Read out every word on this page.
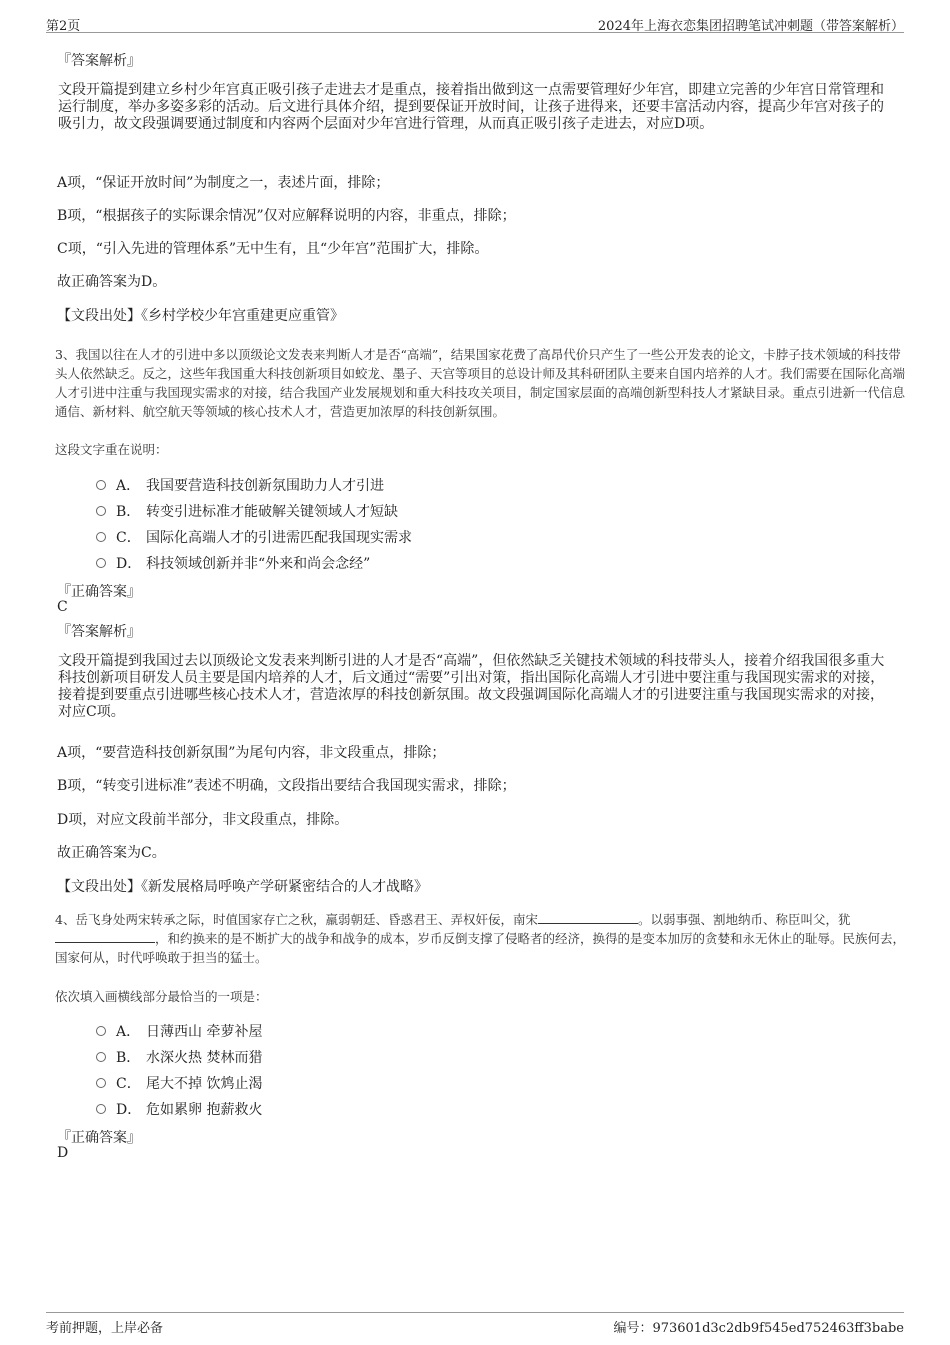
第2页	2024年上海衣恋集团招聘笔试冲刺题（带答案解析）
『答案解析』
文段开篇提到建立乡村少年宫真正吸引孩子走进去才是重点，接着指出做到这一点需要管理好少年宫，即建立完善的少年宫日常管理和运行制度，举办多姿多彩的活动。后文进行具体介绍，提到要保证开放时间，让孩子进得来，还要丰富活动内容，提高少年宫对孩子的吸引力，故文段强调要通过制度和内容两个层面对少年宫进行管理，从而真正吸引孩子走进去，对应D项。
A项，“保证开放时间”为制度之一，表述片面，排除；
B项，“根据孩子的实际课余情况”仅对应解释说明的内容，非重点，排除；
C项，“引入先进的管理体系”无中生有，且“少年宫”范围扩大，排除。
故正确答案为D。
【文段出处】《乡村学校少年宫重建更应重管》
3、我国以往在人才的引进中多以顶级论文发表来判断人才是否“高端”，结果国家花费了高昂代价只产生了一些公开发表的论文，卡脖子技术领域的科技带头人依然缺乏。反之，这些年我国重大科技创新项目如蛟龙、墨子、天宫等项目的总设计师及其科研团队主要来自国内培养的人才。我们需要在国际化高端人才引进中注重与我国现实需求的对接，结合我国产业发展规划和重大科技攻关项目，制定国家层面的高端创新型科技人才紧缺目录。重点引进新一代信息通信、新材料、航空航天等领域的核心技术人才，营造更加浓厚的科技创新氛围。
这段文字重在说明：
A． 我国要营造科技创新氛围助力人才引进
B． 转变引进标准才能破解关键领域人才短缺
C． 国际化高端人才的引进需匹配我国现实需求
D． 科技领域创新并非“外来和尚会念经”
『正确答案』
C
『答案解析』
文段开篇提到我国过去以顶级论文发表来判断引进的人才是否“高端”，但依然缺乏关键技术领域的科技带头人，接着介绍我国很多重大科技创新项目研发人员主要是国内培养的人才，后文通过“需要”引出对策，指出国际化高端人才引进中要注重与我国现实需求的对接，接着提到要重点引进哪些核心技术人才，营造浓厚的科技创新氛围。故文段强调国际化高端人才的引进要注重与我国现实需求的对接，对应C项。
A项，“要营造科技创新氛围”为尾句内容，非文段重点，排除；
B项，“转变引进标准”表述不明确，文段指出要结合我国现实需求，排除；
D项，对应文段前半部分，非文段重点，排除。
故正确答案为C。
【文段出处】《新发展格局呼唤产学研紧密结合的人才战略》
4、岳飞身处两宋转承之际，时值国家存亡之秋，羸弱朝廷、昏惑君王、弄权奸佞，南宋	。以弱事强、割地纳币、称臣叫父，犹，和约换来的是不断扩大的战争和战争的成本，岁币反倒支撑了侵略者的经济，换得的是变本加厉的贪婪和永无休止的耻辱。民族何去，国家何从，时代呼唤敢于担当的猛士。
依次填入画横线部分最恰当的一项是：
A． 日薄西山 牵萝补屋
B． 水深火热 焚林而猎
C． 尾大不掉 饮鸩止渴
D． 危如累卵 抱薪救火
『正确答案』
D
考前押题，上岸必备	编号：973601d3c2db9f545ed752463ff3babe
